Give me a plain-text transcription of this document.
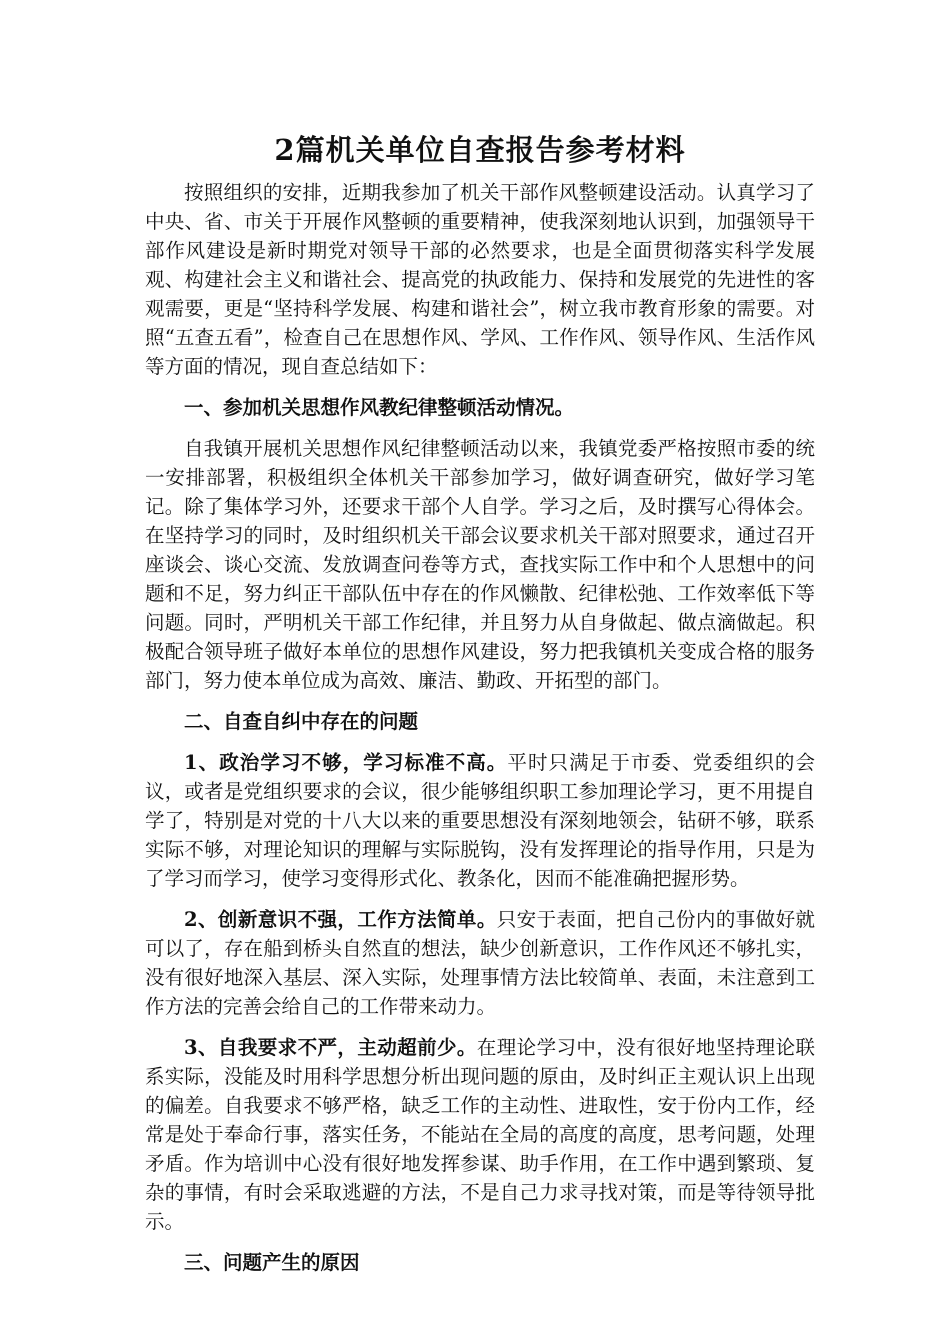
2篇机关单位自查报告参考材料

按照组织的安排，近期我参加了机关干部作风整顿建设活动。认真学习了中央、省、市关于开展作风整顿的重要精神，使我深刻地认识到，加强领导干部作风建设是新时期党对领导干部的必然要求，也是全面贯彻落实科学发展观、构建社会主义和谐社会、提高党的执政能力、保持和发展党的先进性的客观需要，更是“坚持科学发展、构建和谐社会”，树立我市教育形象的需要。对照“五查五看”，检查自己在思想作风、学风、工作作风、领导作风、生活作风等方面的情况，现自查总结如下：

一、参加机关思想作风教纪律整顿活动情况。

自我镇开展机关思想作风纪律整顿活动以来，我镇党委严格按照市委的统一安排部署，积极组织全体机关干部参加学习，做好调查研究，做好学习笔记。除了集体学习外，还要求干部个人自学。学习之后，及时撰写心得体会。在坚持学习的同时，及时组织机关干部会议要求机关干部对照要求，通过召开座谈会、谈心交流、发放调查问卷等方式，查找实际工作中和个人思想中的问题和不足，努力纠正干部队伍中存在的作风懒散、纪律松弛、工作效率低下等问题。同时，严明机关干部工作纪律，并且努力从自身做起、做点滴做起。积极配合领导班子做好本单位的思想作风建设，努力把我镇机关变成合格的服务部门，努力使本单位成为高效、廉洁、勤政、开拓型的部门。

二、自查自纠中存在的问题

1、政治学习不够，学习标准不高。平时只满足于市委、党委组织的会议，或者是党组织要求的会议，很少能够组织职工参加理论学习，更不用提自学了，特别是对党的十八大以来的重要思想没有深刻地领会，钻研不够，联系实际不够，对理论知识的理解与实际脱钩，没有发挥理论的指导作用，只是为了学习而学习，使学习变得形式化、教条化，因而不能准确把握形势。

2、创新意识不强，工作方法简单。只安于表面，把自己份内的事做好就可以了，存在船到桥头自然直的想法，缺少创新意识，工作作风还不够扎实，没有很好地深入基层、深入实际，处理事情方法比较简单、表面，未注意到工作方法的完善会给自己的工作带来动力。

3、自我要求不严，主动超前少。在理论学习中，没有很好地坚持理论联系实际，没能及时用科学思想分析出现问题的原由，及时纠正主观认识上出现的偏差。自我要求不够严格，缺乏工作的主动性、进取性，安于份内工作，经常是处于奉命行事，落实任务，不能站在全局的高度的高度，思考问题，处理矛盾。作为培训中心没有很好地发挥参谋、助手作用，在工作中遇到繁琐、复杂的事情，有时会采取逃避的方法，不是自己力求寻找对策，而是等待领导批示。

三、问题产生的原因
